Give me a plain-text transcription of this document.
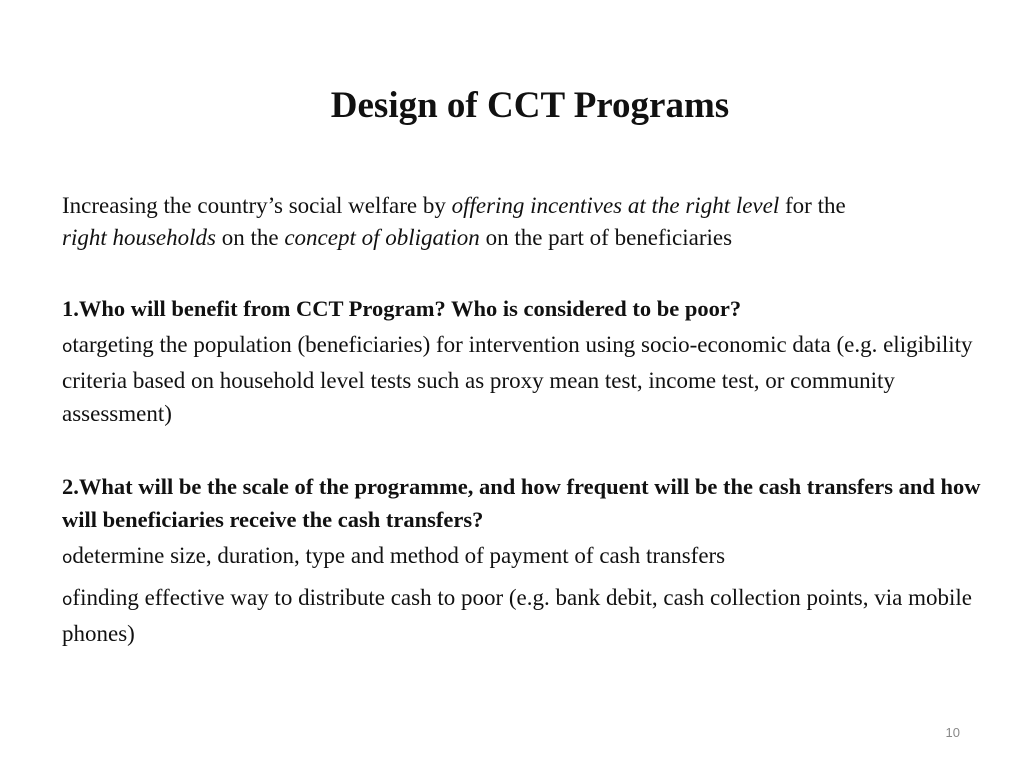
Design of CCT Programs

Increasing the country’s social welfare by offering incentives at the right level for the
right households on the concept of obligation on the part of beneficiaries

1.Who will benefit from CCT Program? Who is considered to be poor?

otargeting the population (beneficiaries) for intervention using socio-economic data (e.g. eligibility criteria based on household level tests such as proxy mean test, income test, or community assessment)

2.What will be the scale of the programme, and how frequent will be the cash transfers and how will beneficiaries receive the cash transfers?

odetermine size, duration, type and method of payment of cash transfers

ofinding effective way to distribute cash to poor (e.g. bank debit, cash collection points, via mobile phones)

10
